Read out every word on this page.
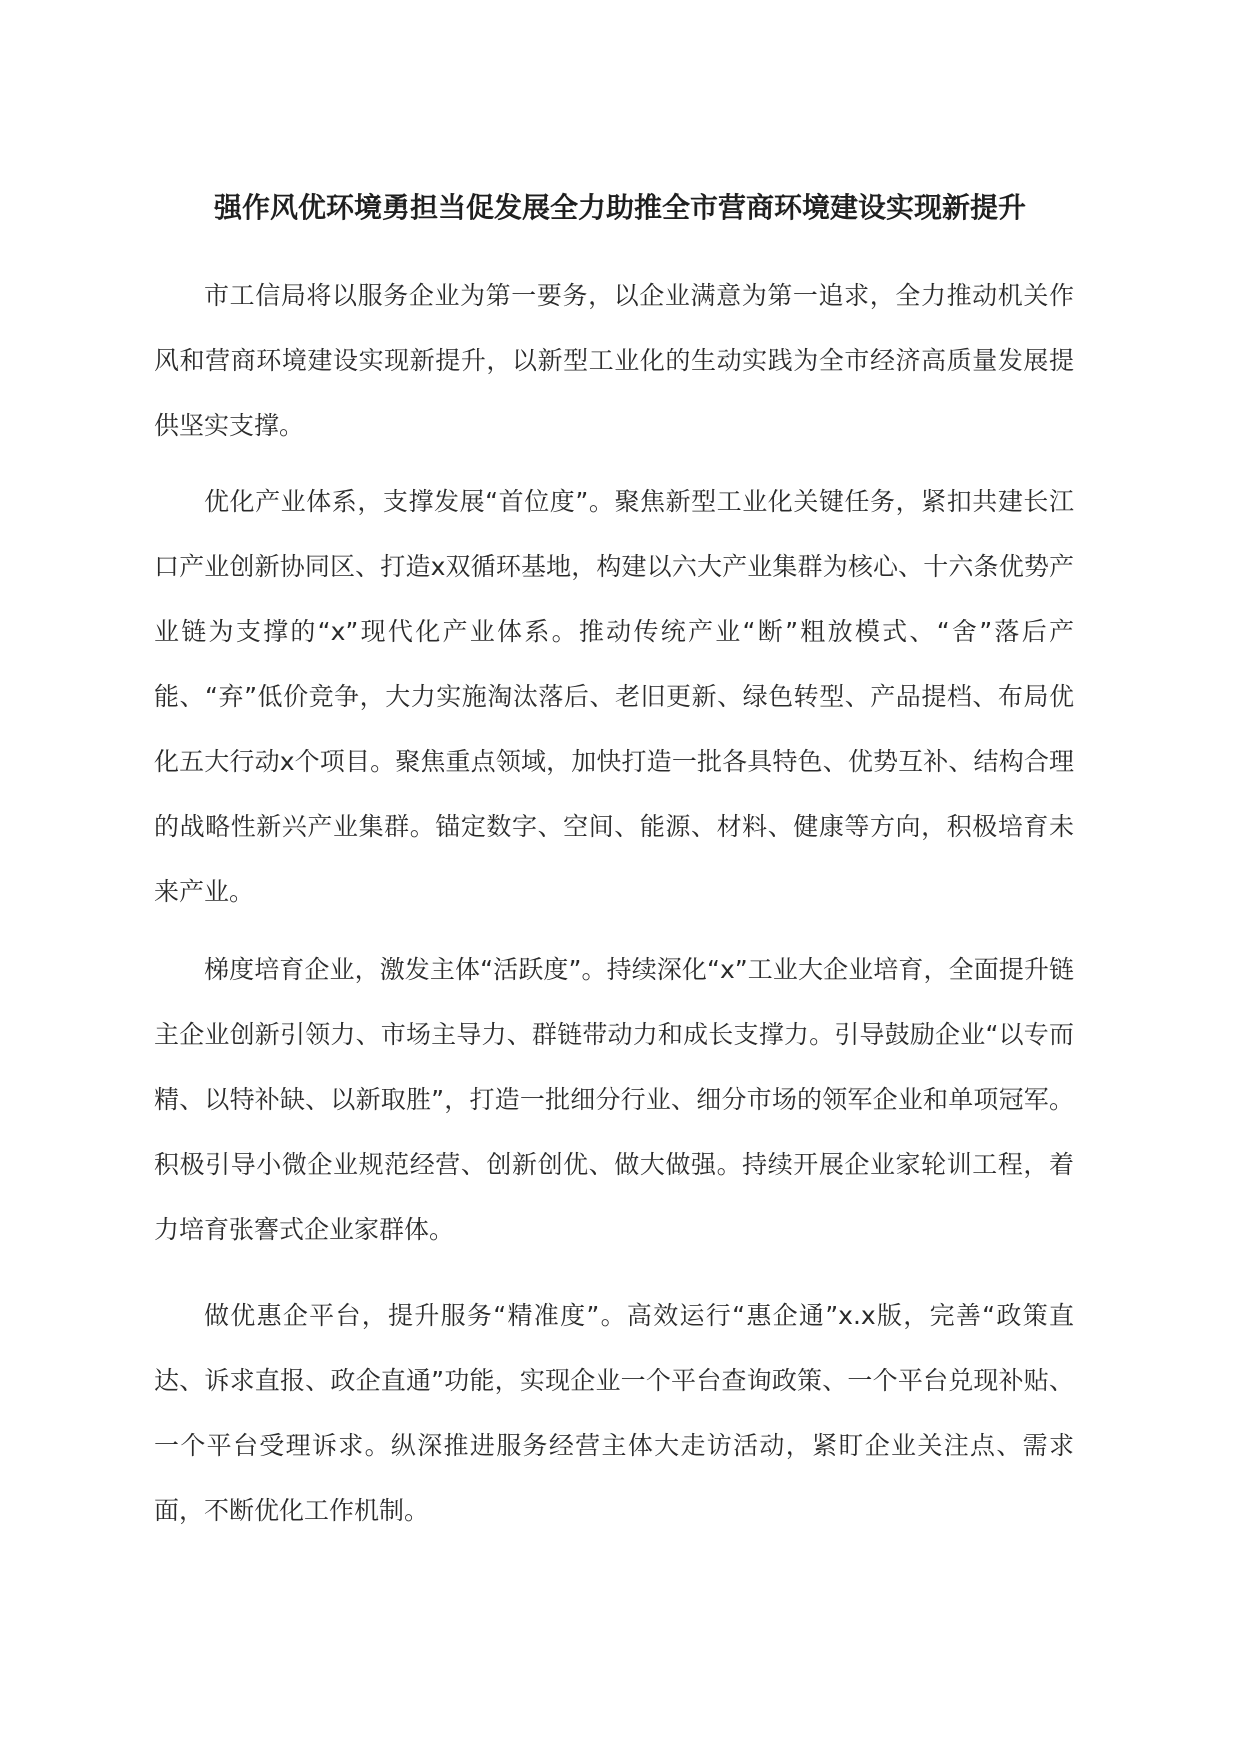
强作风优环境勇担当促发展全力助推全市营商环境建设实现新提升

市工信局将以服务企业为第一要务，以企业满意为第一追求，全力推动机关作风和营商环境建设实现新提升，以新型工业化的生动实践为全市经济高质量发展提供坚实支撑。

优化产业体系，支撑发展“首位度”。聚焦新型工业化关键任务，紧扣共建长江口产业创新协同区、打造x双循环基地，构建以六大产业集群为核心、十六条优势产业链为支撑的“x”现代化产业体系。推动传统产业“断”粗放模式、“舍”落后产能、“弃”低价竞争，大力实施淘汰落后、老旧更新、绿色转型、产品提档、布局优化五大行动x个项目。聚焦重点领域，加快打造一批各具特色、优势互补、结构合理的战略性新兴产业集群。锚定数字、空间、能源、材料、健康等方向，积极培育未来产业。

梯度培育企业，激发主体“活跃度”。持续深化“x”工业大企业培育，全面提升链主企业创新引领力、市场主导力、群链带动力和成长支撑力。引导鼓励企业“以专而精、以特补缺、以新取胜”，打造一批细分行业、细分市场的领军企业和单项冠军。积极引导小微企业规范经营、创新创优、做大做强。持续开展企业家轮训工程，着力培育张謇式企业家群体。

做优惠企平台，提升服务“精准度”。高效运行“惠企通”x.x版，完善“政策直达、诉求直报、政企直通”功能，实现企业一个平台查询政策、一个平台兑现补贴、一个平台受理诉求。纵深推进服务经营主体大走访活动，紧盯企业关注点、需求面，不断优化工作机制。
